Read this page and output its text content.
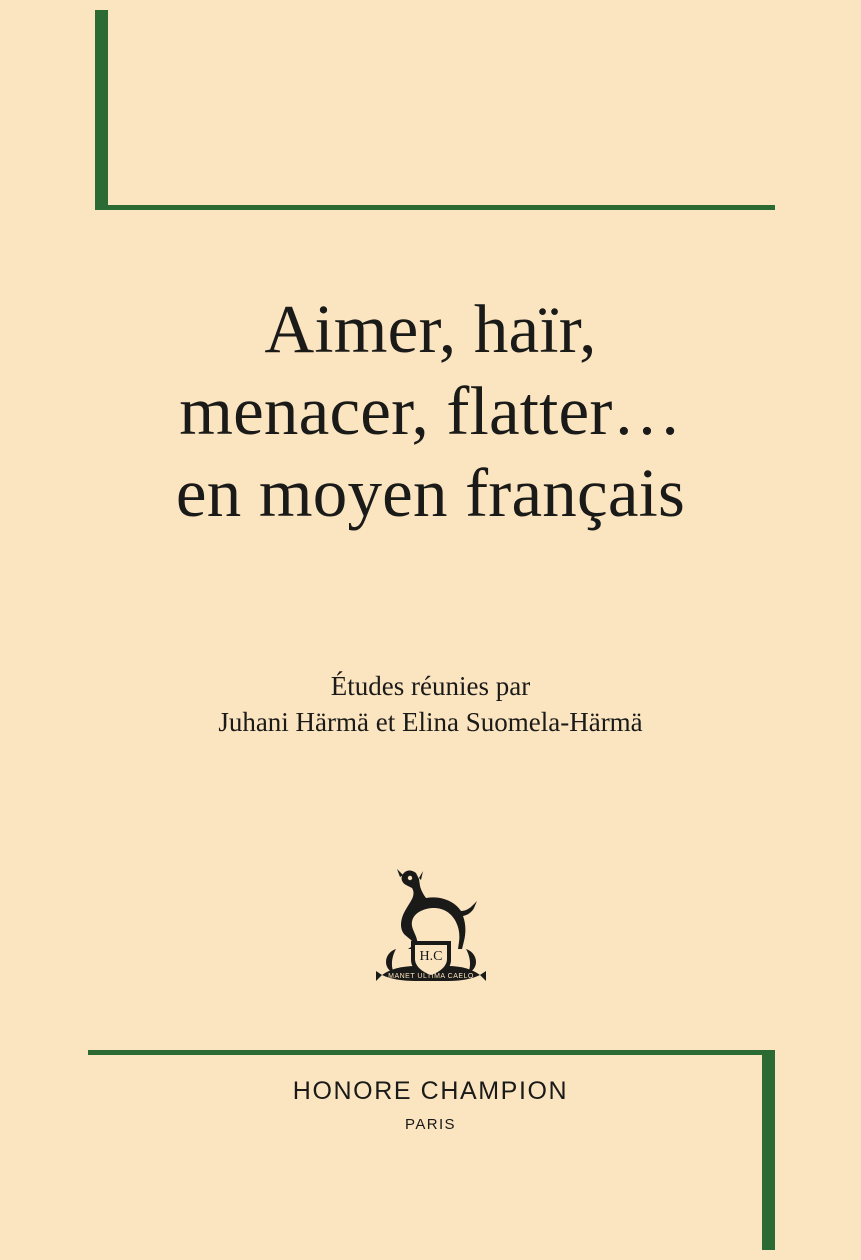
Aimer, haïr,
menacer, flatter…
en moyen français
Études réunies par
Juhani Härmä et Elina Suomela-Härmä
H.C
MANET ULTIMA CAELO
HONORE CHAMPION
PARIS
